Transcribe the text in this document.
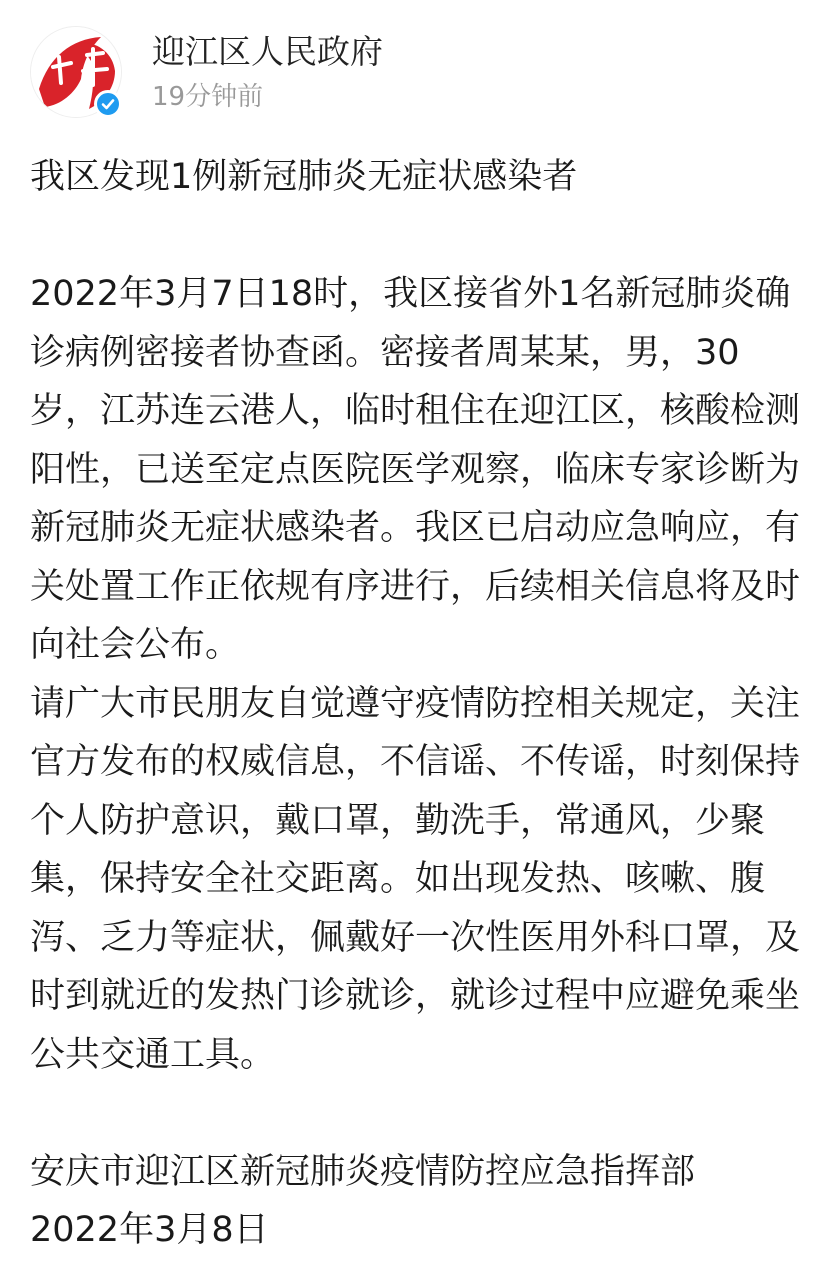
迎江区人民政府
19分钟前

我区发现1例新冠肺炎无症状感染者

2022年3月7日18时，我区接省外1名新冠肺炎确诊病例密接者协查函。密接者周某某，男，30岁，江苏连云港人，临时租住在迎江区，核酸检测阳性，已送至定点医院医学观察，临床专家诊断为新冠肺炎无症状感染者。我区已启动应急响应，有关处置工作正依规有序进行，后续相关信息将及时向社会公布。

请广大市民朋友自觉遵守疫情防控相关规定，关注官方发布的权威信息，不信谣、不传谣，时刻保持个人防护意识，戴口罩，勤洗手，常通风，少聚集，保持安全社交距离。如出现发热、咳嗽、腹泻、乏力等症状，佩戴好一次性医用外科口罩，及时到就近的发热门诊就诊，就诊过程中应避免乘坐公共交通工具。

安庆市迎江区新冠肺炎疫情防控应急指挥部

2022年3月8日
